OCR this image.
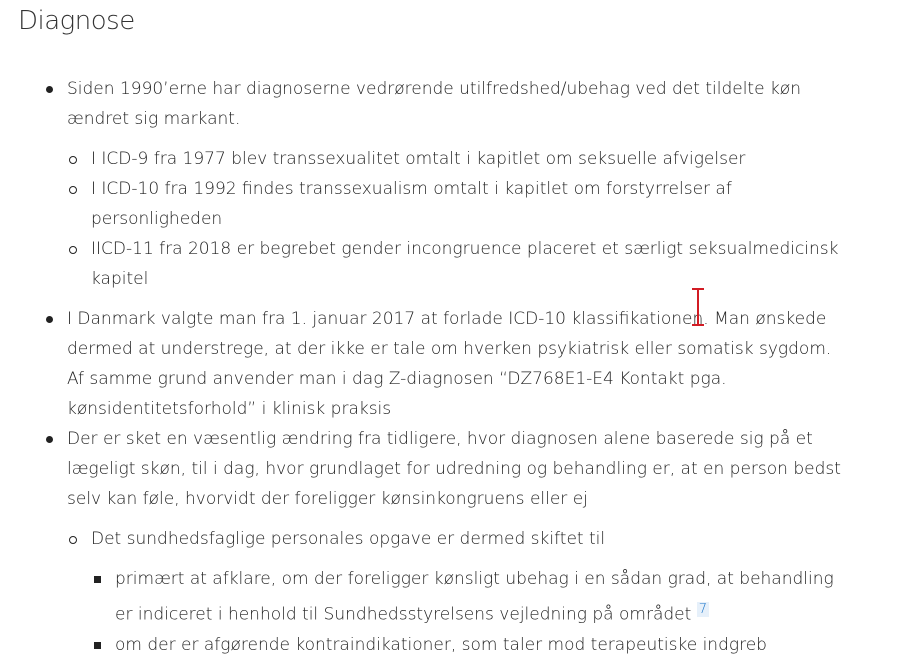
Diagnose
Siden 1990’erne har diagnoserne vedrørende utilfredshed/ubehag ved det tildelte køn ændret sig markant.
I ICD-9 fra 1977 blev transsexualitet omtalt i kapitlet om seksuelle afvigelser
I ICD-10 fra 1992 findes transsexualism omtalt i kapitlet om forstyrrelser af personligheden
IICD-11 fra 2018 er begrebet gender incongruence placeret et særligt seksualmedicinsk kapitel
I Danmark valgte man fra 1. januar 2017 at forlade ICD-10 klassifikationen. Man ønskede dermed at understrege, at der ikke er tale om hverken psykiatrisk eller somatisk sygdom. Af samme grund anvender man i dag Z-diagnosen “DZ768E1-E4 Kontakt pga. kønsidentitetsforhold” i klinisk praksis
Der er sket en væsentlig ændring fra tidligere, hvor diagnosen alene baserede sig på et lægeligt skøn, til i dag, hvor grundlaget for udredning og behandling er, at en person bedst selv kan føle, hvorvidt der foreligger kønsinkongruens eller ej
Det sundhedsfaglige personales opgave er dermed skiftet til
primært at afklare, om der foreligger kønsligt ubehag i en sådan grad, at behandling er indiceret i henhold til Sundhedsstyrelsens vejledning på området $^7$
om der er afgørende kontraindikationer, som taler mod terapeutiske indgreb
